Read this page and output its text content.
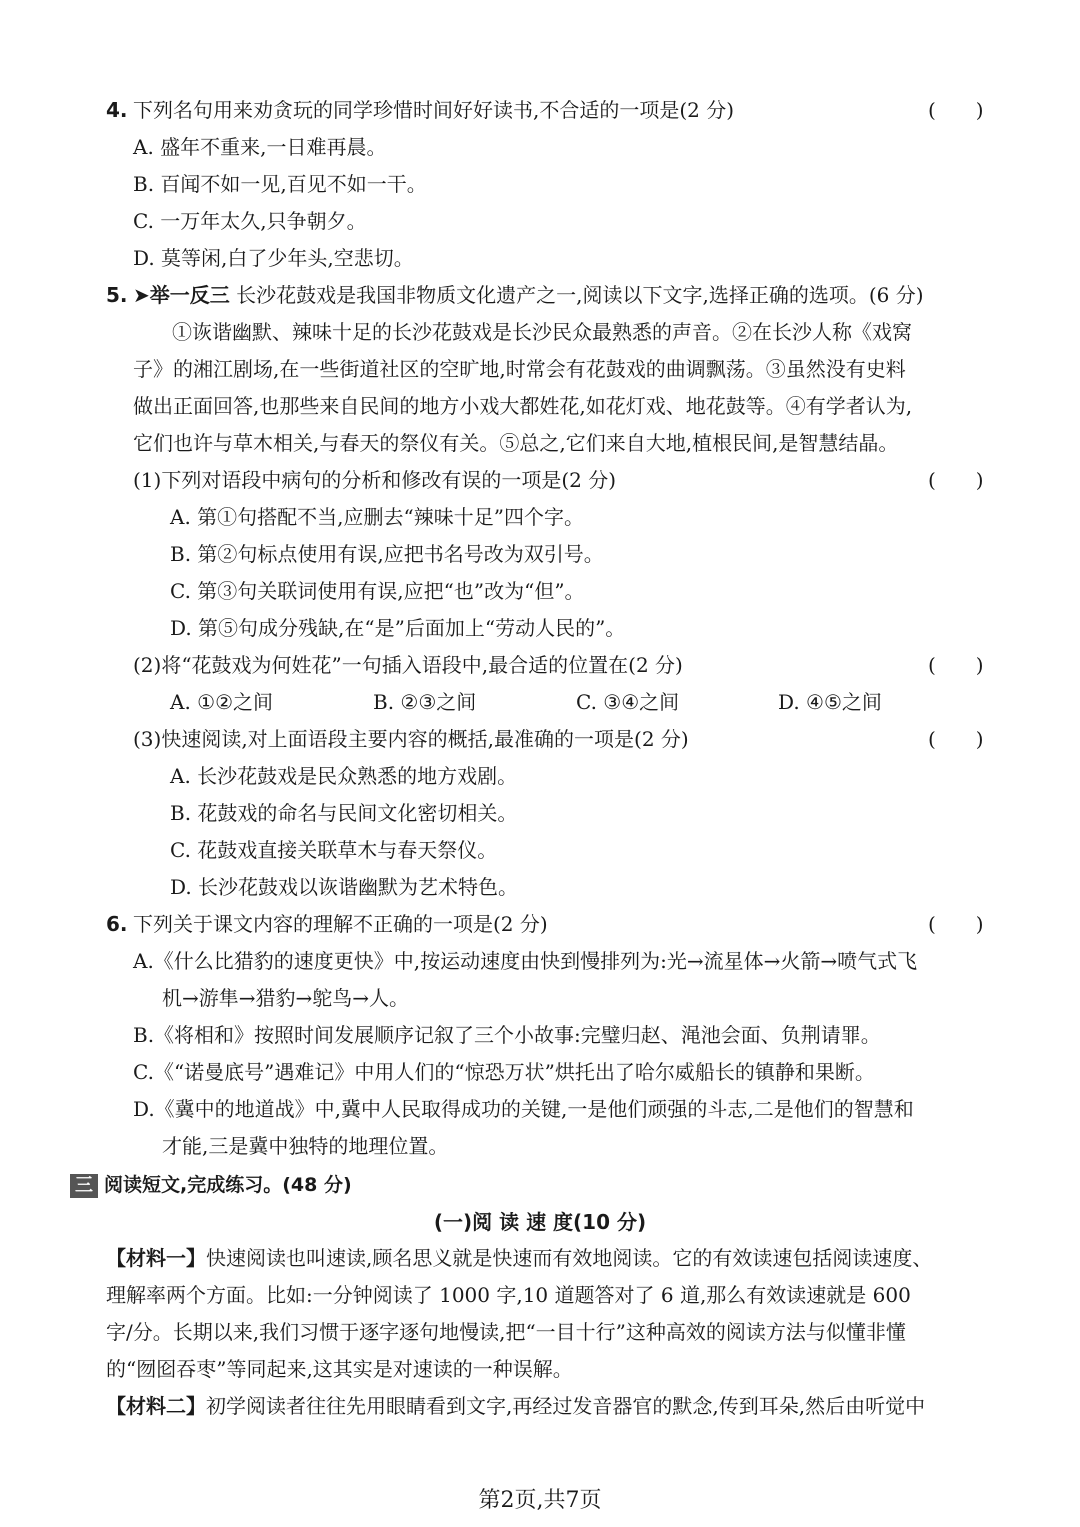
4. 下列名句用来劝贪玩的同学珍惜时间好好读书,不合适的一项是(2 分)	(　　)
A. 盛年不重来,一日难再晨。
B. 百闻不如一见,百见不如一干。
C. 一万年太久,只争朝夕。
D. 莫等闲,白了少年头,空悲切。
5. ➤举一反三 长沙花鼓戏是我国非物质文化遗产之一,阅读以下文字,选择正确的选项。(6 分)
①诙谐幽默、辣味十足的长沙花鼓戏是长沙民众最熟悉的声音。②在长沙人称《戏窝
子》的湘江剧场,在一些街道社区的空旷地,时常会有花鼓戏的曲调飘荡。③虽然没有史料
做出正面回答,也那些来自民间的地方小戏大都姓花,如花灯戏、地花鼓等。④有学者认为,
它们也许与草木相关,与春天的祭仪有关。⑤总之,它们来自大地,植根民间,是智慧结晶。
(1)下列对语段中病句的分析和修改有误的一项是(2 分)	(　　)
A. 第①句搭配不当,应删去“辣味十足”四个字。
B. 第②句标点使用有误,应把书名号改为双引号。
C. 第③句关联词使用有误,应把“也”改为“但”。
D. 第⑤句成分残缺,在“是”后面加上“劳动人民的”。
(2)将“花鼓戏为何姓花”一句插入语段中,最合适的位置在(2 分)	(　　)
A. ①②之间	B. ②③之间	C. ③④之间	D. ④⑤之间
(3)快速阅读,对上面语段主要内容的概括,最准确的一项是(2 分)	(　　)
A. 长沙花鼓戏是民众熟悉的地方戏剧。
B. 花鼓戏的命名与民间文化密切相关。
C. 花鼓戏直接关联草木与春天祭仪。
D. 长沙花鼓戏以诙谐幽默为艺术特色。
6. 下列关于课文内容的理解不正确的一项是(2 分)	(　　)
A.《什么比猎豹的速度更快》中,按运动速度由快到慢排列为:光→流星体→火箭→喷气式飞
机→游隼→猎豹→鸵鸟→人。
B.《将相和》按照时间发展顺序记叙了三个小故事:完璧归赵、渑池会面、负荆请罪。
C.《“诺曼底号”遇难记》中用人们的“惊恐万状”烘托出了哈尔威船长的镇静和果断。
D.《冀中的地道战》中,冀中人民取得成功的关键,一是他们顽强的斗志,二是他们的智慧和
才能,三是冀中独特的地理位置。
三 阅读短文,完成练习。(48 分)
(一)阅 读 速 度(10 分)
【材料一】快速阅读也叫速读,顾名思义就是快速而有效地阅读。它的有效读速包括阅读速度、
理解率两个方面。比如:一分钟阅读了 1000 字,10 道题答对了 6 道,那么有效读速就是 600
字/分。长期以来,我们习惯于逐字逐句地慢读,把“一目十行”这种高效的阅读方法与似懂非懂
的“囫囵吞枣”等同起来,这其实是对速读的一种误解。
【材料二】初学阅读者往往先用眼睛看到文字,再经过发音器官的默念,传到耳朵,然后由听觉中
第2页,共7页
